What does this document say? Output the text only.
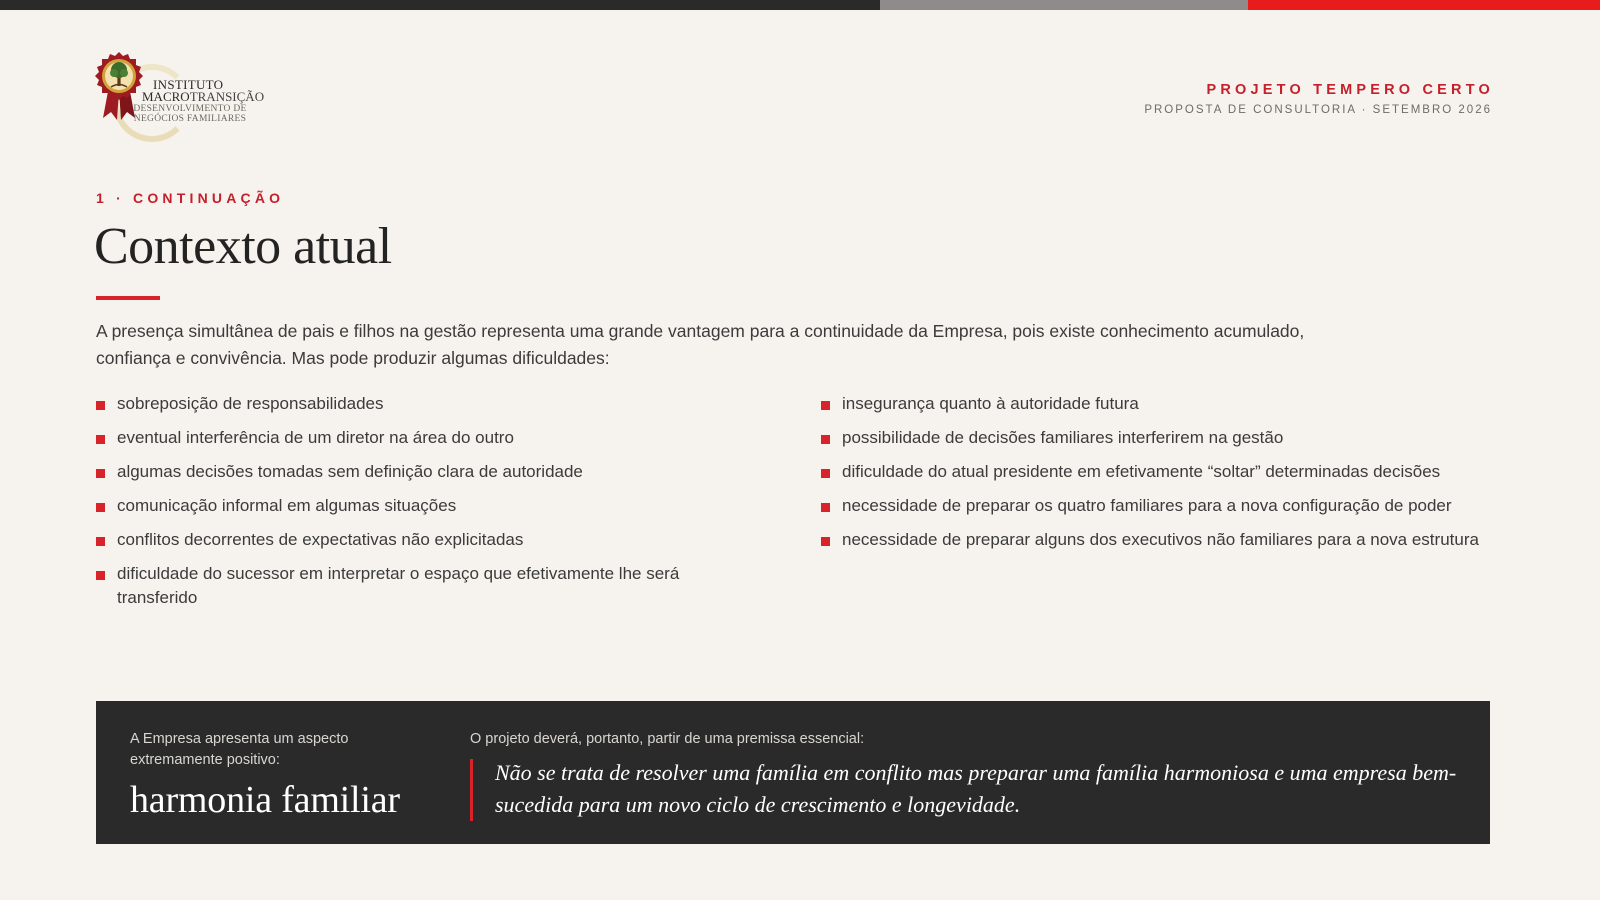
INSTITUTO
MACROTRANSIÇÃO
DESENVOLVIMENTO DE
NEGÓCIOS FAMILIARES
PROJETO TEMPERO CERTO
PROPOSTA DE CONSULTORIA · SETEMBRO 2026
1 · CONTINUAÇÃO
Contexto atual

A presença simultânea de pais e filhos na gestão representa uma grande vantagem para a continuidade da Empresa, pois existe conhecimento acumulado, confiança e convivência. Mas pode produzir algumas dificuldades:

sobreposição de responsabilidades
eventual interferência de um diretor na área do outro
algumas decisões tomadas sem definição clara de autoridade
comunicação informal em algumas situações
conflitos decorrentes de expectativas não explicitadas
dificuldade do sucessor em interpretar o espaço que efetivamente lhe será transferido
insegurança quanto à autoridade futura
possibilidade de decisões familiares interferirem na gestão
dificuldade do atual presidente em efetivamente “soltar” determinadas decisões
necessidade de preparar os quatro familiares para a nova configuração de poder
necessidade de preparar alguns dos executivos não familiares para a nova estrutura
A Empresa apresenta um aspecto extremamente positivo:
harmonia familiar
O projeto deverá, portanto, partir de uma premissa essencial:
Não se trata de resolver uma família em conflito mas preparar uma família harmoniosa e uma empresa bem-sucedida para um novo ciclo de crescimento e longevidade.
